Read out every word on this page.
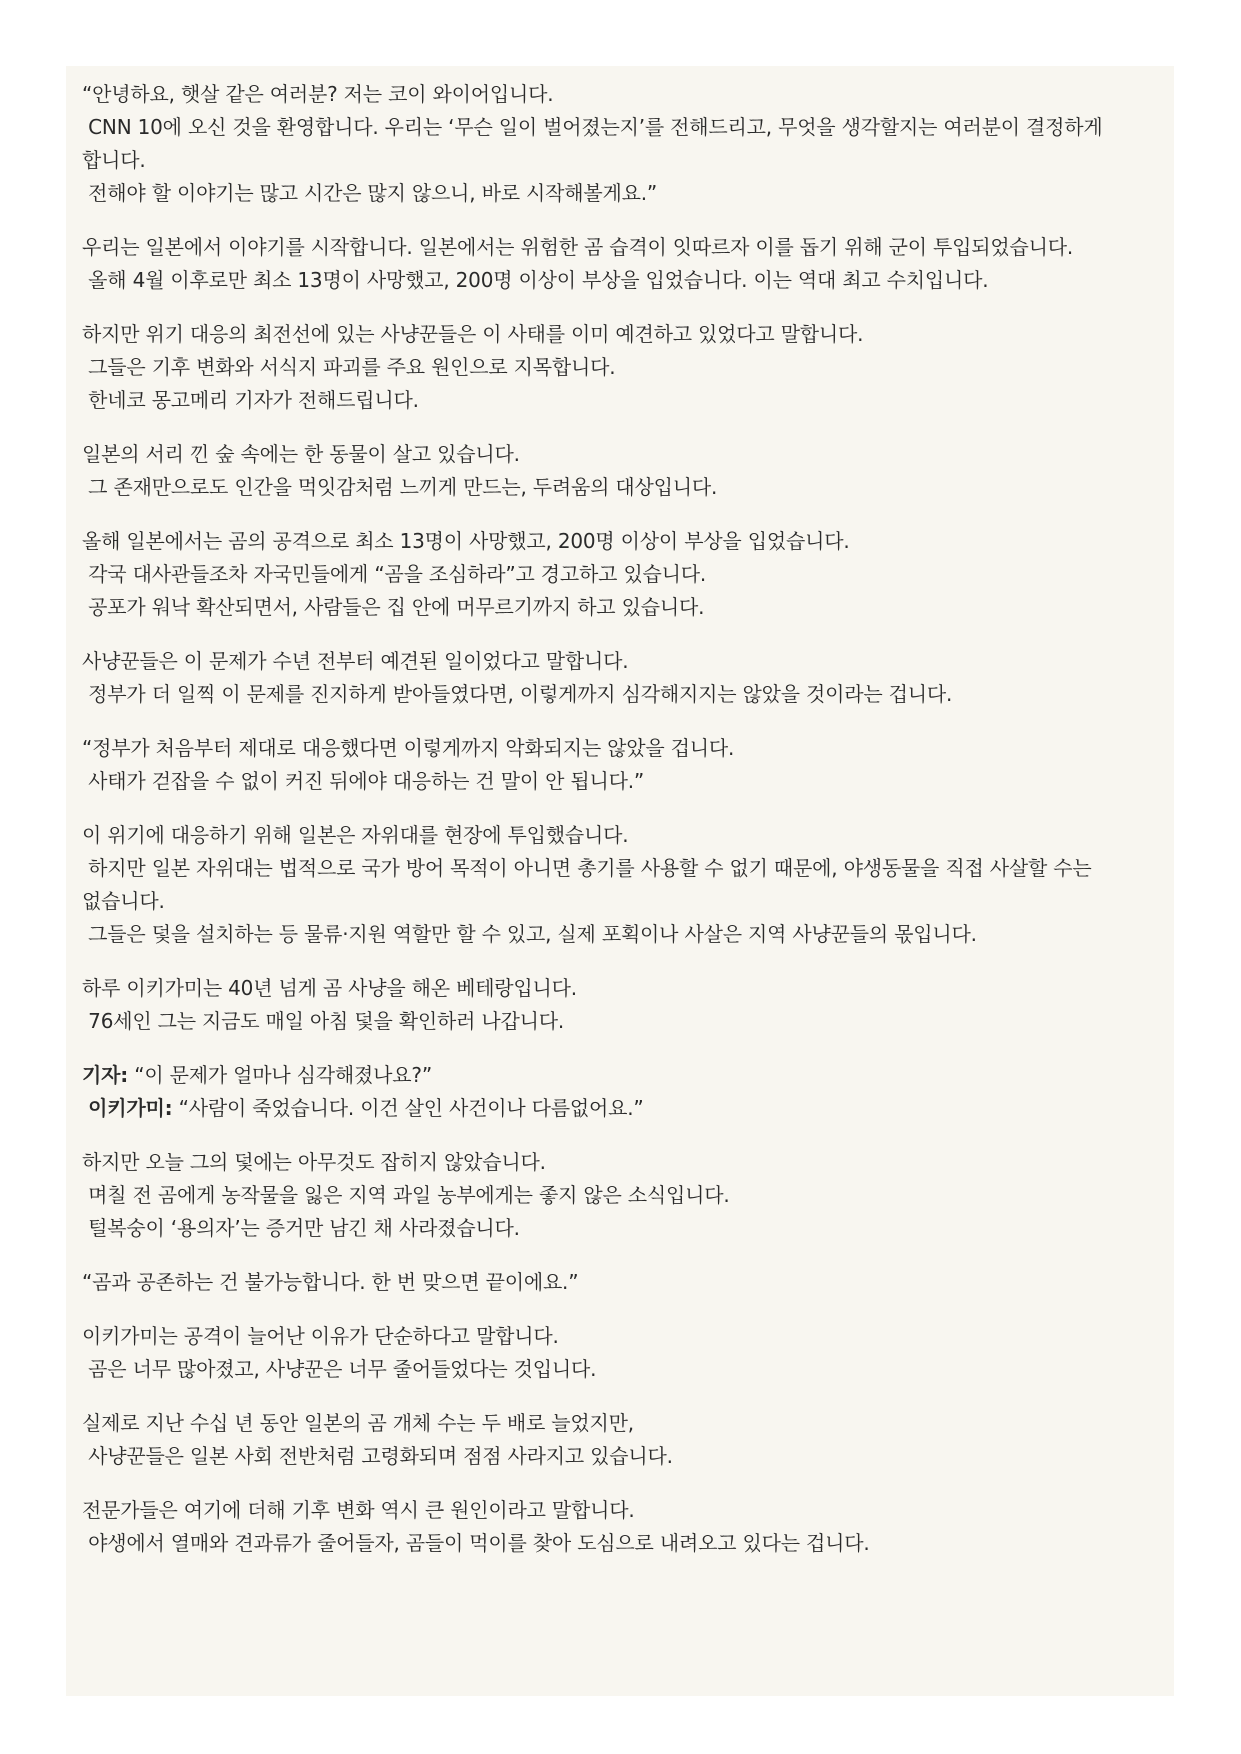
“안녕하요, 햇살 같은 여러분? 저는 코이 와이어입니다.
CNN 10에 오신 것을 환영합니다. 우리는 ‘무슨 일이 벌어졌는지’를 전해드리고, 무엇을 생각할지는 여러분이 결정하게 합니다.
전해야 할 이야기는 많고 시간은 많지 않으니, 바로 시작해볼게요.”
우리는 일본에서 이야기를 시작합니다. 일본에서는 위험한 곰 습격이 잇따르자 이를 돕기 위해 군이 투입되었습니다.
올해 4월 이후로만 최소 13명이 사망했고, 200명 이상이 부상을 입었습니다. 이는 역대 최고 수치입니다.
하지만 위기 대응의 최전선에 있는 사냥꾼들은 이 사태를 이미 예견하고 있었다고 말합니다.
그들은 기후 변화와 서식지 파괴를 주요 원인으로 지목합니다.
한네코 몽고메리 기자가 전해드립니다.
일본의 서리 낀 숲 속에는 한 동물이 살고 있습니다.
그 존재만으로도 인간을 먹잇감처럼 느끼게 만드는, 두려움의 대상입니다.
올해 일본에서는 곰의 공격으로 최소 13명이 사망했고, 200명 이상이 부상을 입었습니다.
각국 대사관들조차 자국민들에게 “곰을 조심하라”고 경고하고 있습니다.
공포가 워낙 확산되면서, 사람들은 집 안에 머무르기까지 하고 있습니다.
사냥꾼들은 이 문제가 수년 전부터 예견된 일이었다고 말합니다.
정부가 더 일찍 이 문제를 진지하게 받아들였다면, 이렇게까지 심각해지지는 않았을 것이라는 겁니다.
“정부가 처음부터 제대로 대응했다면 이렇게까지 악화되지는 않았을 겁니다.
사태가 걷잡을 수 없이 커진 뒤에야 대응하는 건 말이 안 됩니다.”
이 위기에 대응하기 위해 일본은 자위대를 현장에 투입했습니다.
하지만 일본 자위대는 법적으로 국가 방어 목적이 아니면 총기를 사용할 수 없기 때문에, 야생동물을 직접 사살할 수는 없습니다.
그들은 덫을 설치하는 등 물류·지원 역할만 할 수 있고, 실제 포획이나 사살은 지역 사냥꾼들의 몫입니다.
하루 이키가미는 40년 넘게 곰 사냥을 해온 베테랑입니다.
76세인 그는 지금도 매일 아침 덫을 확인하러 나갑니다.
기자: “이 문제가 얼마나 심각해졌나요?”
이키가미: “사람이 죽었습니다. 이건 살인 사건이나 다름없어요.”
하지만 오늘 그의 덫에는 아무것도 잡히지 않았습니다.
며칠 전 곰에게 농작물을 잃은 지역 과일 농부에게는 좋지 않은 소식입니다.
털복숭이 ‘용의자’는 증거만 남긴 채 사라졌습니다.
“곰과 공존하는 건 불가능합니다. 한 번 맞으면 끝이에요.”
이키가미는 공격이 늘어난 이유가 단순하다고 말합니다.
곰은 너무 많아졌고, 사냥꾼은 너무 줄어들었다는 것입니다.
실제로 지난 수십 년 동안 일본의 곰 개체 수는 두 배로 늘었지만,
사냥꾼들은 일본 사회 전반처럼 고령화되며 점점 사라지고 있습니다.
전문가들은 여기에 더해 기후 변화 역시 큰 원인이라고 말합니다.
야생에서 열매와 견과류가 줄어들자, 곰들이 먹이를 찾아 도심으로 내려오고 있다는 겁니다.
